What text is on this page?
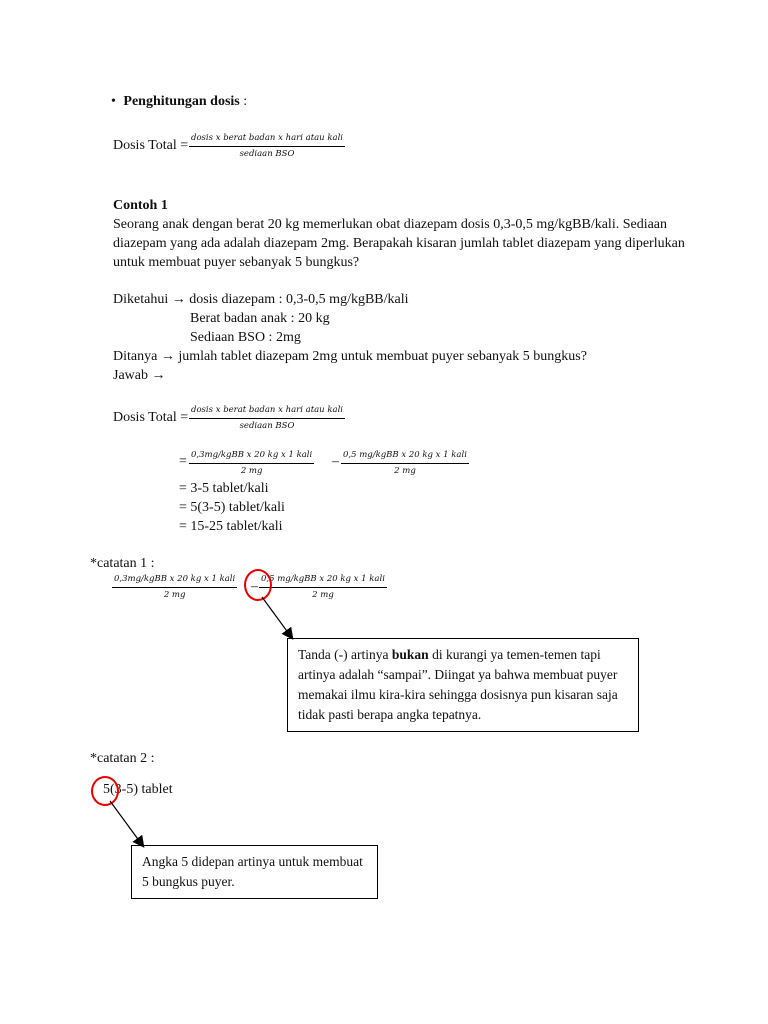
• Penghitungan dosis :
Dosis Total = dosis x berat badan x hari atau kali
sediaan BSO
Contoh 1
Seorang anak dengan berat 20 kg memerlukan obat diazepam dosis 0,3-0,5 mg/kgBB/kali. Sediaan
diazepam yang ada adalah diazepam 2mg. Berapakah kisaran jumlah tablet diazepam yang diperlukan
untuk membuat puyer sebanyak 5 bungkus?
Diketahui → dosis diazepam : 0,3-0,5 mg/kgBB/kali
Berat badan anak : 20 kg
Sediaan BSO : 2mg
Ditanya → jumlah tablet diazepam 2mg untuk membuat puyer sebanyak 5 bungkus?
Jawab →
Dosis Total = dosis x berat badan x hari atau kali
sediaan BSO
= 0,3mg/kgBB x 20 kg x 1 kali
2 mg
– 0,5 mg/kgBB x 20 kg x 1 kali
2 mg
= 3-5 tablet/kali
= 5(3-5) tablet/kali
= 15-25 tablet/kali
*catatan 1 :
0,3mg/kgBB x 20 kg x 1 kali
2 mg
– 0,5 mg/kgBB x 20 kg x 1 kali
2 mg
Tanda (-) artinya bukan di kurangi ya temen-temen tapi artinya adalah “sampai”. Diingat ya bahwa membuat puyer memakai ilmu kira-kira sehingga dosisnya pun kisaran saja tidak pasti berapa angka tepatnya.
*catatan 2 :
5(3-5) tablet
Angka 5 didepan artinya untuk membuat 5 bungkus puyer.
